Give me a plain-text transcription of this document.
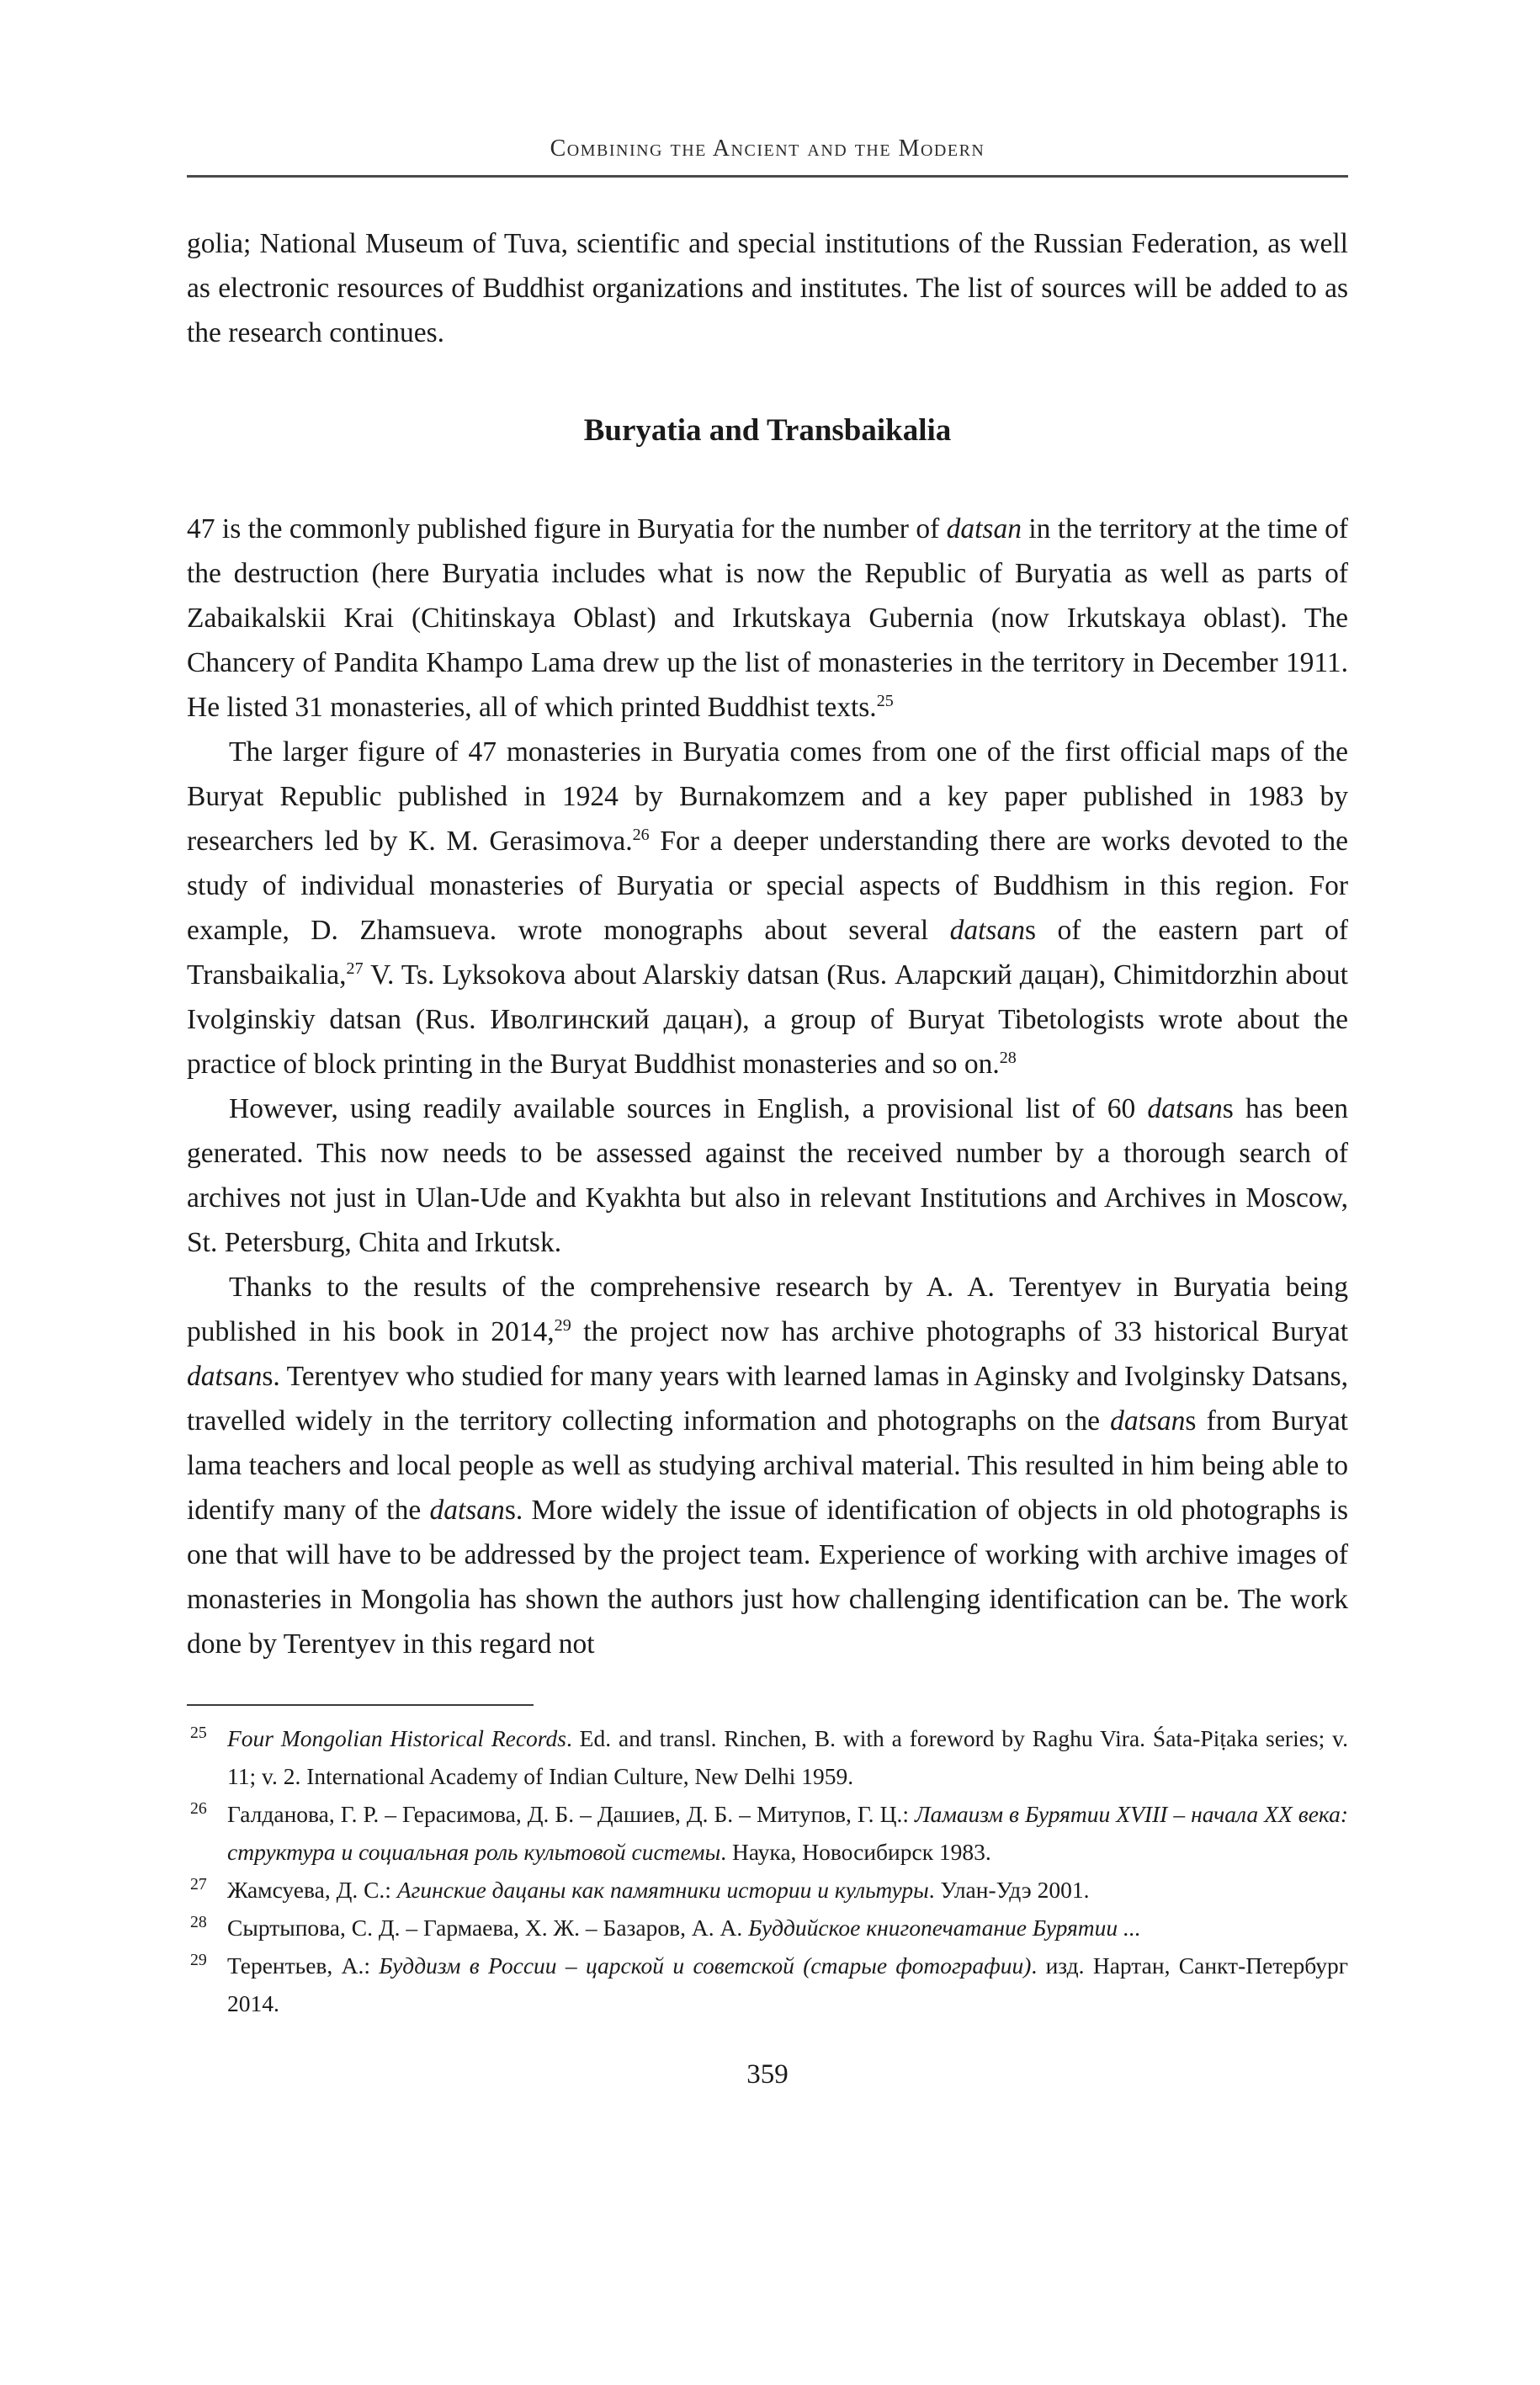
Combining the Ancient and the Modern

golia; National Museum of Tuva, scientific and special institutions of the Russian Federation, as well as electronic resources of Buddhist organizations and institutes. The list of sources will be added to as the research continues.

Buryatia and Transbaikalia

47 is the commonly published figure in Buryatia for the number of datsan in the territory at the time of the destruction (here Buryatia includes what is now the Republic of Buryatia as well as parts of Zabaikalskii Krai (Chitinskaya Oblast) and Irkutskaya Gubernia (now Irkutskaya oblast). The Chancery of Pandita Khampo Lama drew up the list of monasteries in the territory in December 1911. He listed 31 monasteries, all of which printed Buddhist texts.$^{25}$

The larger figure of 47 monasteries in Buryatia comes from one of the first official maps of the Buryat Republic published in 1924 by Burnakomzem and a key paper published in 1983 by researchers led by K. M. Gerasimova.$^{26}$ For a deeper understanding there are works devoted to the study of individual monasteries of Buryatia or special aspects of Buddhism in this region. For example, D. Zhamsueva. wrote monographs about several datsans of the eastern part of Transbaikalia,$^{27}$ V. Ts. Lyksokova about Alarskiy datsan (Rus. Аларский дацан), Chimitdorzhin about Ivolginskiy datsan (Rus. Иволгинский дацан), a group of Buryat Tibetologists wrote about the practice of block printing in the Buryat Buddhist monasteries and so on.$^{28}$

However, using readily available sources in English, a provisional list of 60 datsans has been generated. This now needs to be assessed against the received number by a thorough search of archives not just in Ulan-Ude and Kyakhta but also in relevant Institutions and Archives in Moscow, St. Petersburg, Chita and Irkutsk.

Thanks to the results of the comprehensive research by A. A. Terentyev in Buryatia being published in his book in 2014,29 the project now has archive photographs of 33 historical Buryat datsans. Terentyev who studied for many years with learned lamas in Aginsky and Ivolginsky Datsans, travelled widely in the territory collecting information and photographs on the datsans from Buryat lama teachers and local people as well as studying archival material. This resulted in him being able to identify many of the datsans. More widely the issue of identification of objects in old photographs is one that will have to be addressed by the project team. Experience of working with archive images of monasteries in Mongolia has shown the authors just how challenging identification can be. The work done by Terentyev in this regard not

25 Four Mongolian Historical Records. Ed. and transl. Rinchen, B. with a foreword by Raghu Vira. Śata-Piṭaka series; v. 11; v. 2. International Academy of Indian Culture, New Delhi 1959.

26 Галданова, Г. Р. – Герасимова, Д. Б. – Дашиев, Д. Б. – Митупов, Г. Ц.: Ламаизм в Бурятии XVIII – начала XX века: структура и социальная роль культовой системы. Наука, Новосибирск 1983.

27 Жамсуева, Д. С.: Агинские дацаны как памятники истории и культуры. Улан-Удэ 2001.

28 Сыртыпова, С. Д. – Гармаева, Х. Ж. – Базаров, А. А. Буддийское книгопечатание Бурятии ...

29 Терентьев, А.: Буддизм в России – царской и советской (старые фотографии). изд. Нартан, Санкт-Петербург 2014.

359
